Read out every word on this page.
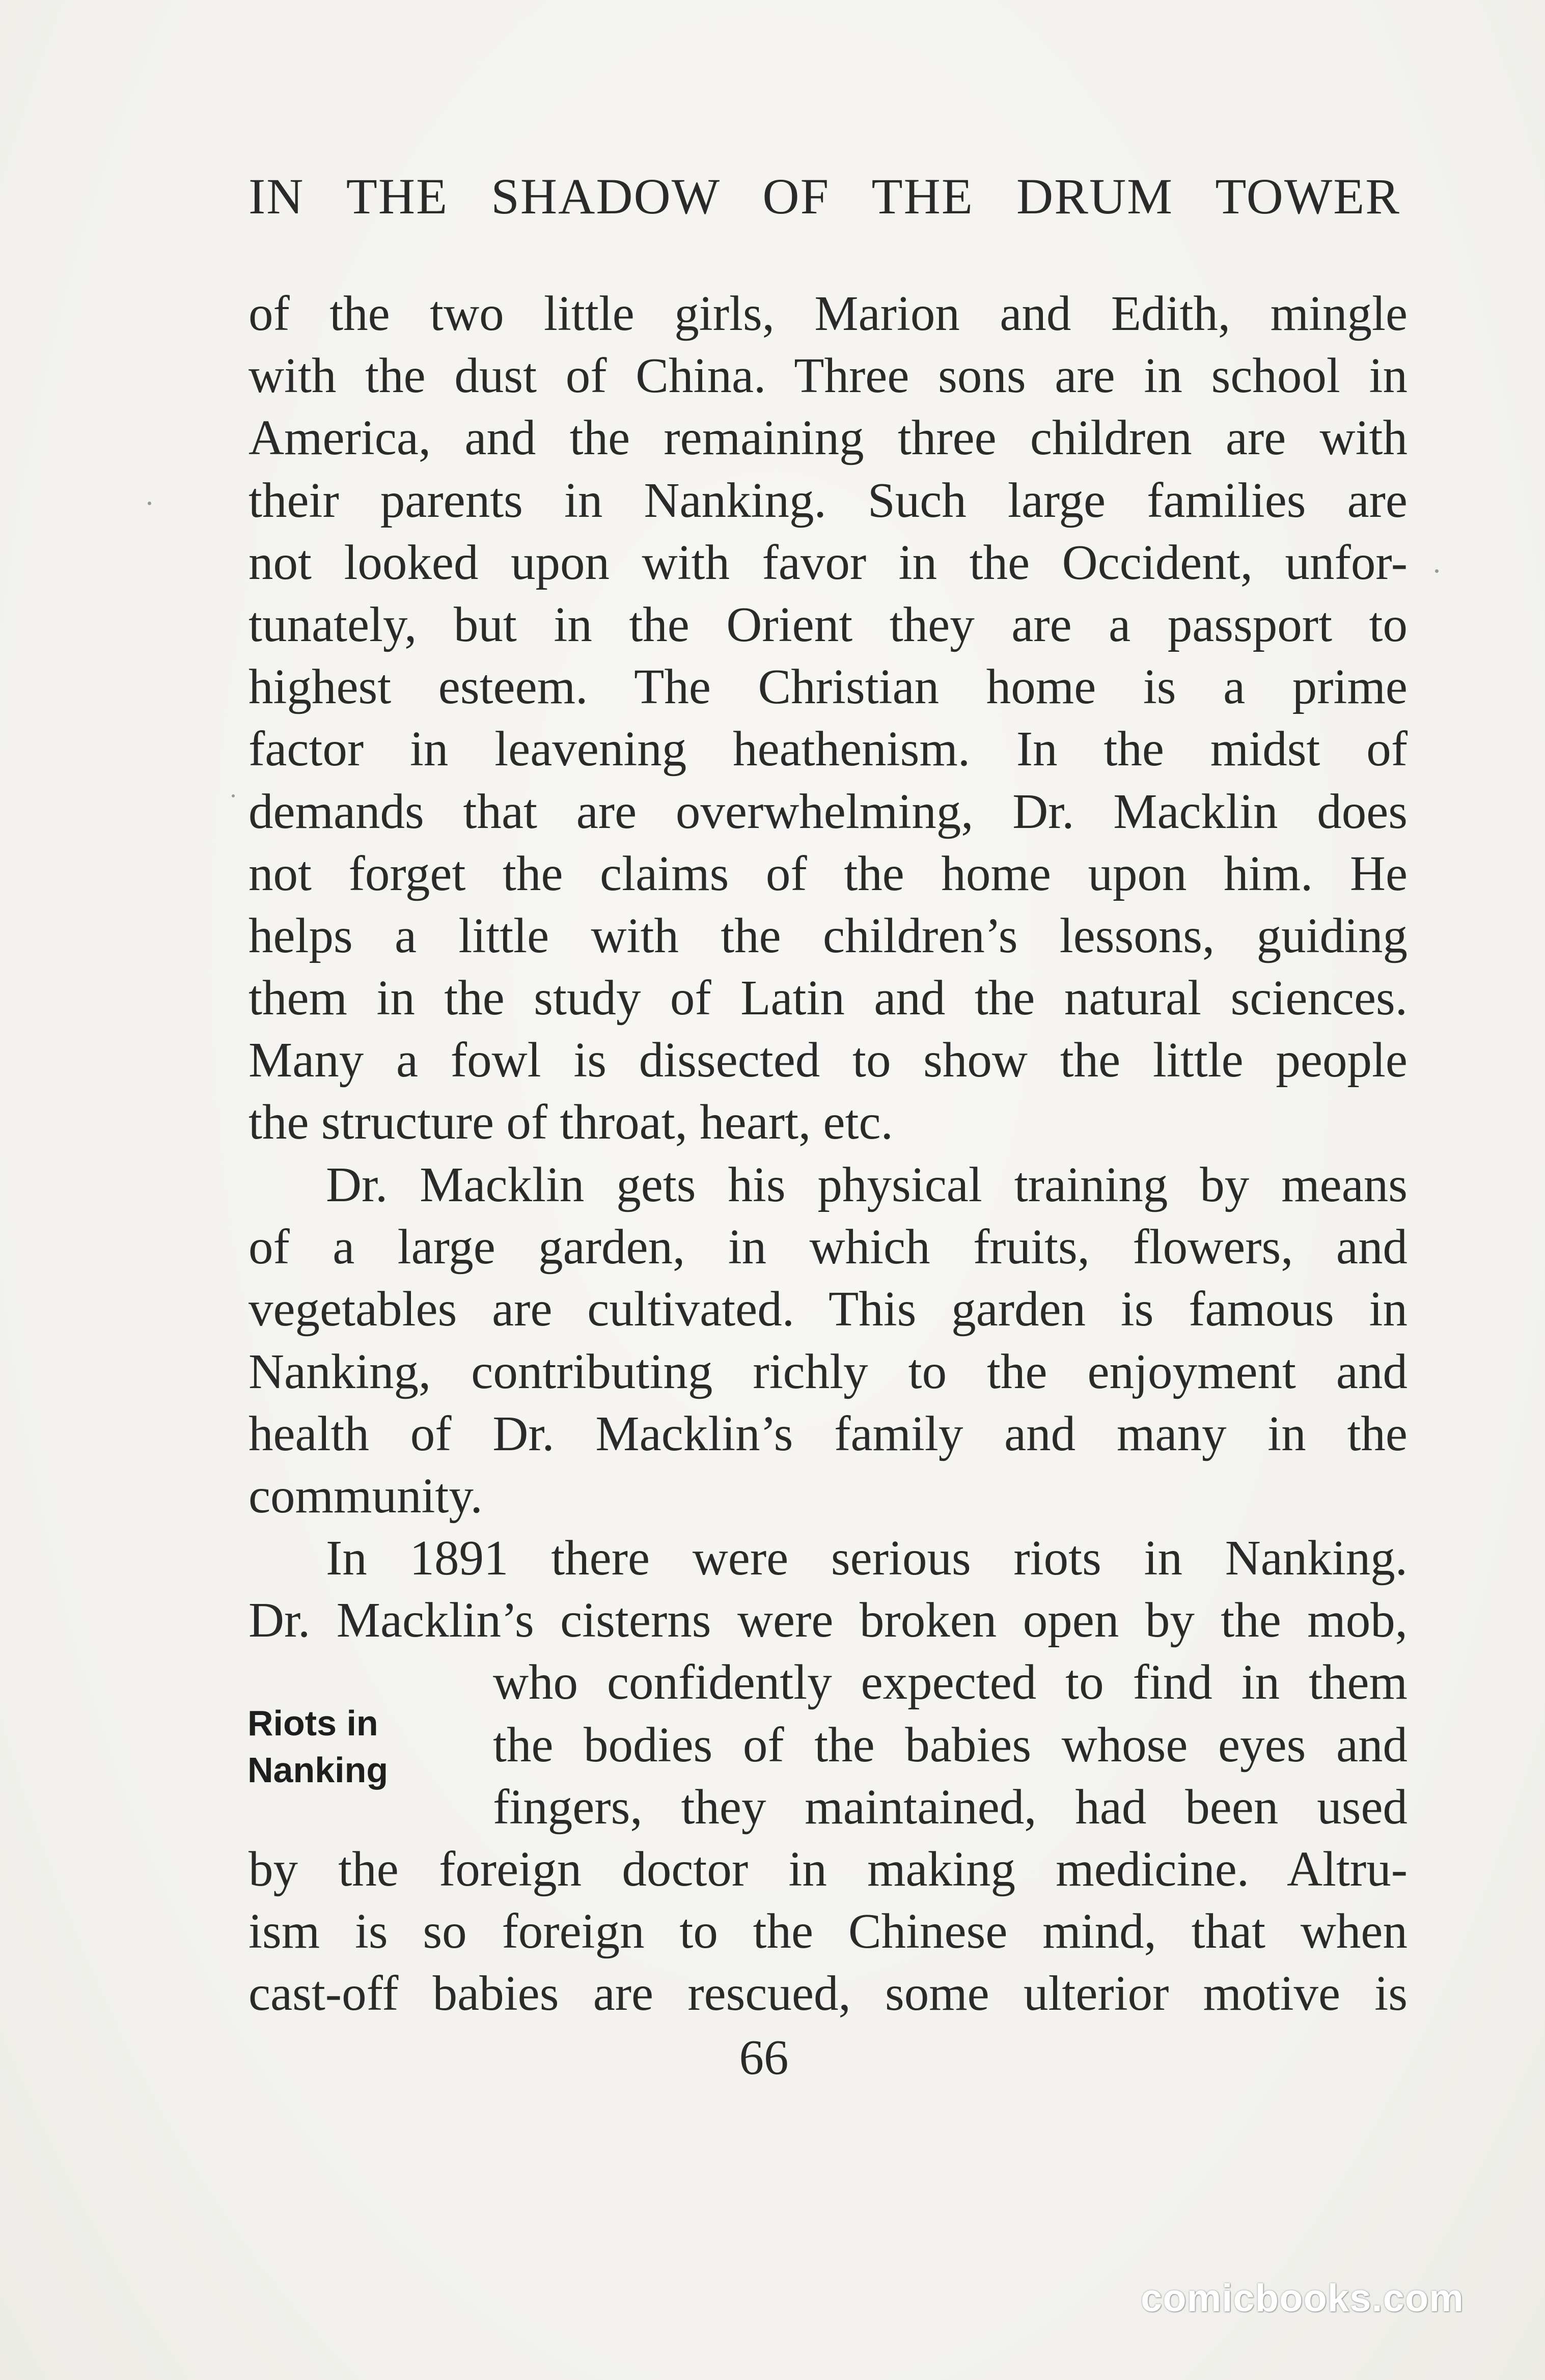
IN THE SHADOW OF THE DRUM TOWER
of the two little girls, Marion and Edith, mingle
with the dust of China. Three sons are in school in
America, and the remaining three children are with
their parents in Nanking. Such large families are
not looked upon with favor in the Occident, unfor-
tunately, but in the Orient they are a passport to
highest esteem. The Christian home is a prime
factor in leavening heathenism. In the midst of
demands that are overwhelming, Dr. Macklin does
not forget the claims of the home upon him. He
helps a little with the children’s lessons, guiding
them in the study of Latin and the natural sciences.
Many a fowl is dissected to show the little people
the structure of throat, heart, etc.
Dr. Macklin gets his physical training by means
of a large garden, in which fruits, flowers, and
vegetables are cultivated. This garden is famous in
Nanking, contributing richly to the enjoyment and
health of Dr. Macklin’s family and many in the
community.
In 1891 there were serious riots in Nanking.
Dr. Macklin’s cisterns were broken open by the mob,
who confidently expected to find in them
the bodies of the babies whose eyes and
fingers, they maintained, had been used
by the foreign doctor in making medicine. Altru-
ism is so foreign to the Chinese mind, that when
cast-off babies are rescued, some ulterior motive is
Riots in
Nanking
66
comicbooks.com
